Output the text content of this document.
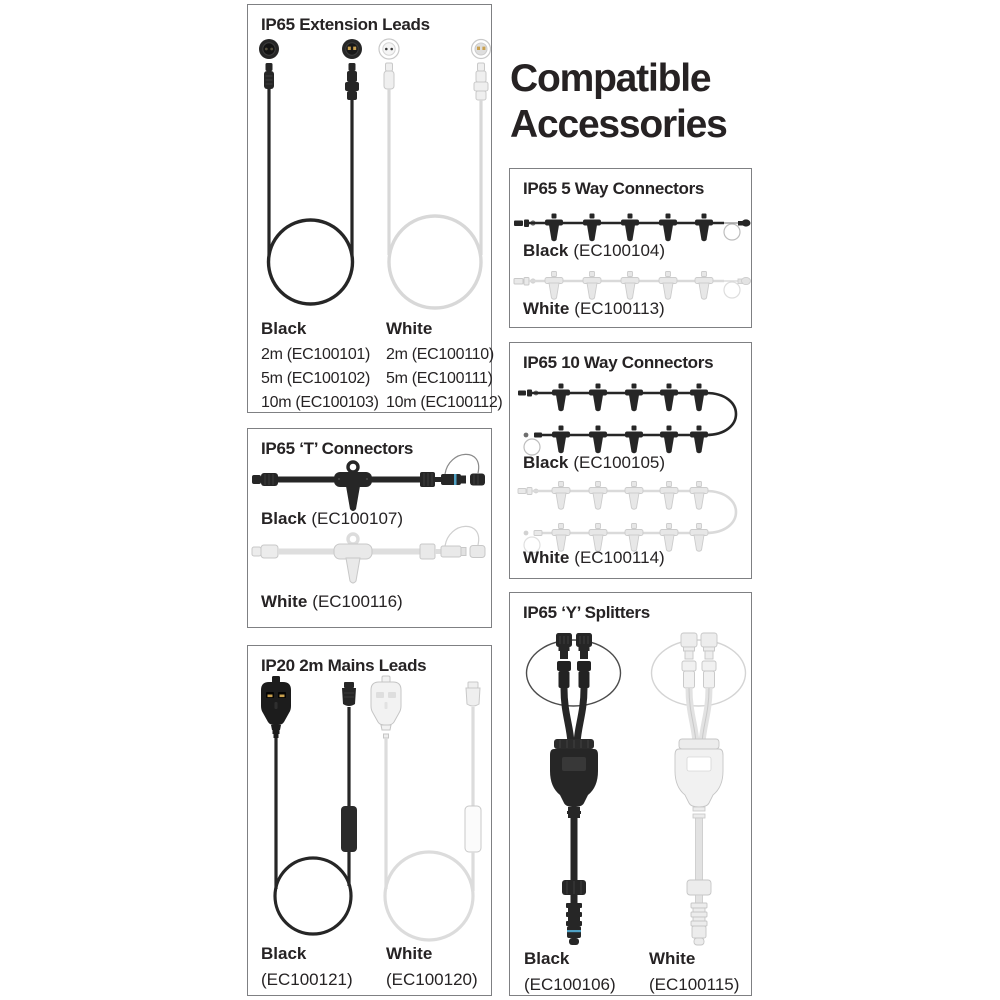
Compatible Accessories
IP65 Extension Leads
Black	White
2m (EC100101)
5m (EC100102)
10m (EC100103)
2m (EC100110)
5m (EC100111)
10m (EC100112)
IP65 ‘T’ Connectors
Black (EC100107)
White (EC100116)
IP20 2m Mains Leads
Black
(EC100121)
White
(EC100120)
IP65 5 Way Connectors
Black (EC100104)
White (EC100113)
IP65 10 Way Connectors
Black (EC100105)
White (EC100114)
IP65 ‘Y’ Splitters
Black
(EC100106)
White
(EC100115)
